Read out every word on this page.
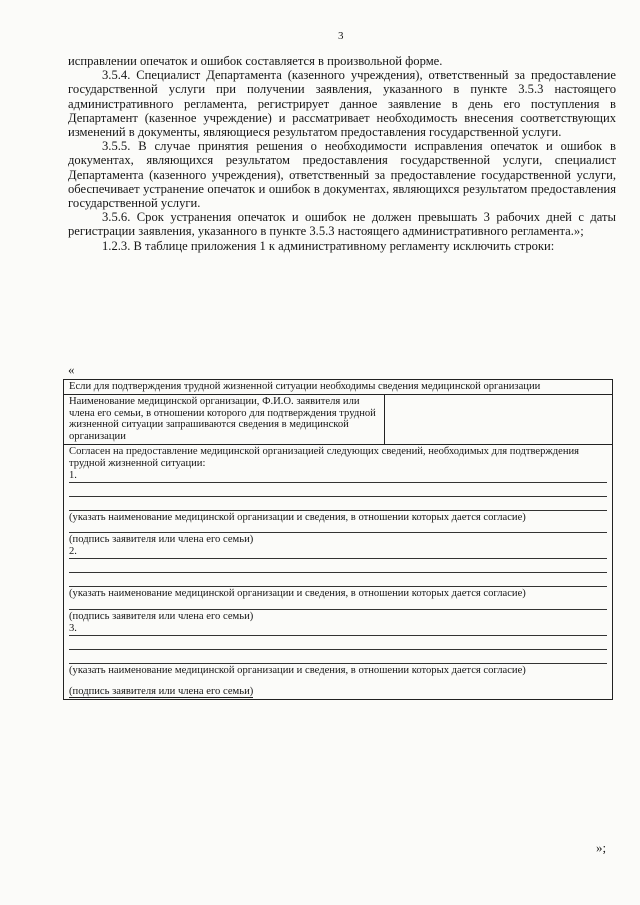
3

исправлении опечаток и ошибок составляется в произвольной форме.

3.5.4. Специалист Департамента (казенного учреждения), ответственный за предоставление государственной услуги при получении заявления, указанного в пункте 3.5.3 настоящего административного регламента, регистрирует данное заявление в день его поступления в Департамент (казенное учреждение) и рассматривает необходимость внесения соответствующих изменений в документы, являющиеся результатом предоставления государственной услуги.

3.5.5. В случае принятия решения о необходимости исправления опечаток и ошибок в документах, являющихся результатом предоставления государственной услуги, специалист Департамента (казенного учреждения), ответственный за предоставление государственной услуги, обеспечивает устранение опечаток и ошибок в документах, являющихся результатом предоставления государственной услуги.

3.5.6. Срок устранения опечаток и ошибок не должен превышать 3 рабочих дней с даты регистрации заявления, указанного в пункте 3.5.3 настоящего административного регламента.»;

1.2.3. В таблице приложения 1 к административному регламенту исключить строки:

«
Если для подтверждения трудной жизненной ситуации необходимы сведения медицинской организации
Наименование медицинской организации, Ф.И.О. заявителя или члена его семьи, в отношении которого для подтверждения трудной жизненной ситуации запрашиваются сведения в медицинской организации	

Согласен на предоставление медицинской организацией следующих сведений, необходимых для подтверждения трудной жизненной ситуации:
1.
(указать наименование медицинской организации и сведения, в отношении которых дается согласие)
(подпись заявителя или члена его семьи)
2.
(указать наименование медицинской организации и сведения, в отношении которых дается согласие)
(подпись заявителя или члена его семьи)
3.
(указать наименование медицинской организации и сведения, в отношении которых дается согласие)
(подпись заявителя или члена его семьи)
»;
